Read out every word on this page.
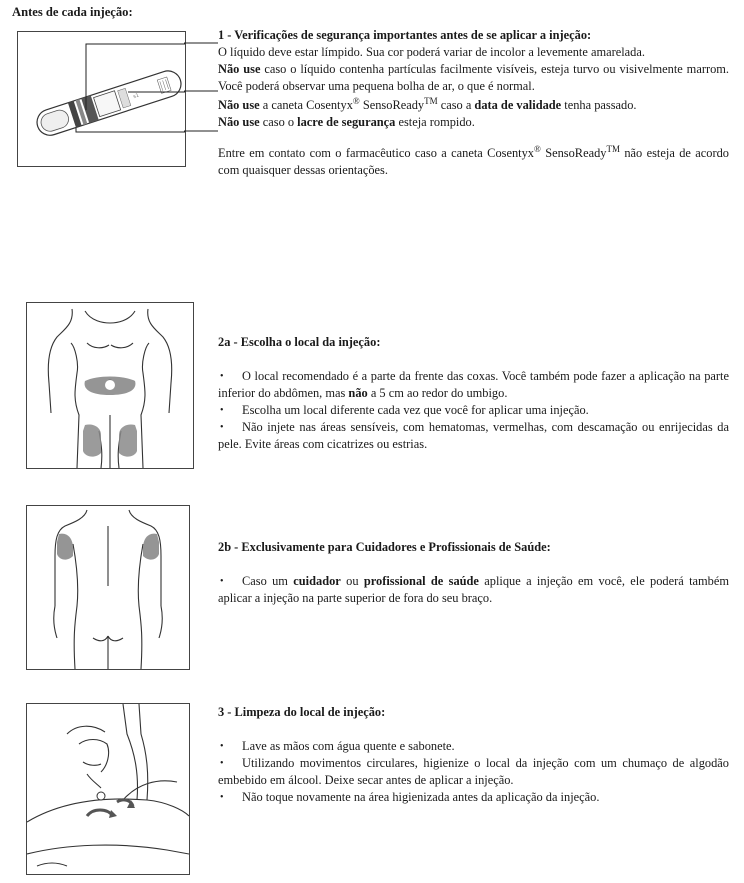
Antes de cada injeção:
s1

1 - Verificações de segurança importantes antes de se aplicar a injeção:

O líquido deve estar límpido. Sua cor poderá variar de incolor a levemente amarelada.

Não use caso o líquido contenha partículas facilmente visíveis, esteja turvo ou visivelmente marrom. Você poderá observar uma pequena bolha de ar, o que é normal.

Não use a caneta Cosentyx® SensoReady™ caso a data de validade tenha passado.

Não use caso o lacre de segurança esteja rompido.

Entre em contato com o farmacêutico caso a caneta Cosentyx® SensoReady™ não esteja de acordo com quaisquer dessas orientações.

2a - Escolha o local da injeção:

• O local recomendado é a parte da frente das coxas. Você também pode fazer a aplicação na parte inferior do abdômen, mas não a 5 cm ao redor do umbigo.
• Escolha um local diferente cada vez que você for aplicar uma injeção.
• Não injete nas áreas sensíveis, com hematomas, vermelhas, com descamação ou enrijecidas da pele. Evite áreas com cicatrizes ou estrias.

2b - Exclusivamente para Cuidadores e Profissionais de Saúde:

• Caso um cuidador ou profissional de saúde aplique a injeção em você, ele poderá também aplicar a injeção na parte superior de fora do seu braço.

3 - Limpeza do local de injeção:

• Lave as mãos com água quente e sabonete.
• Utilizando movimentos circulares, higienize o local da injeção com um chumaço de algodão embebido em álcool. Deixe secar antes de aplicar a injeção.
• Não toque novamente na área higienizada antes da aplicação da injeção.
